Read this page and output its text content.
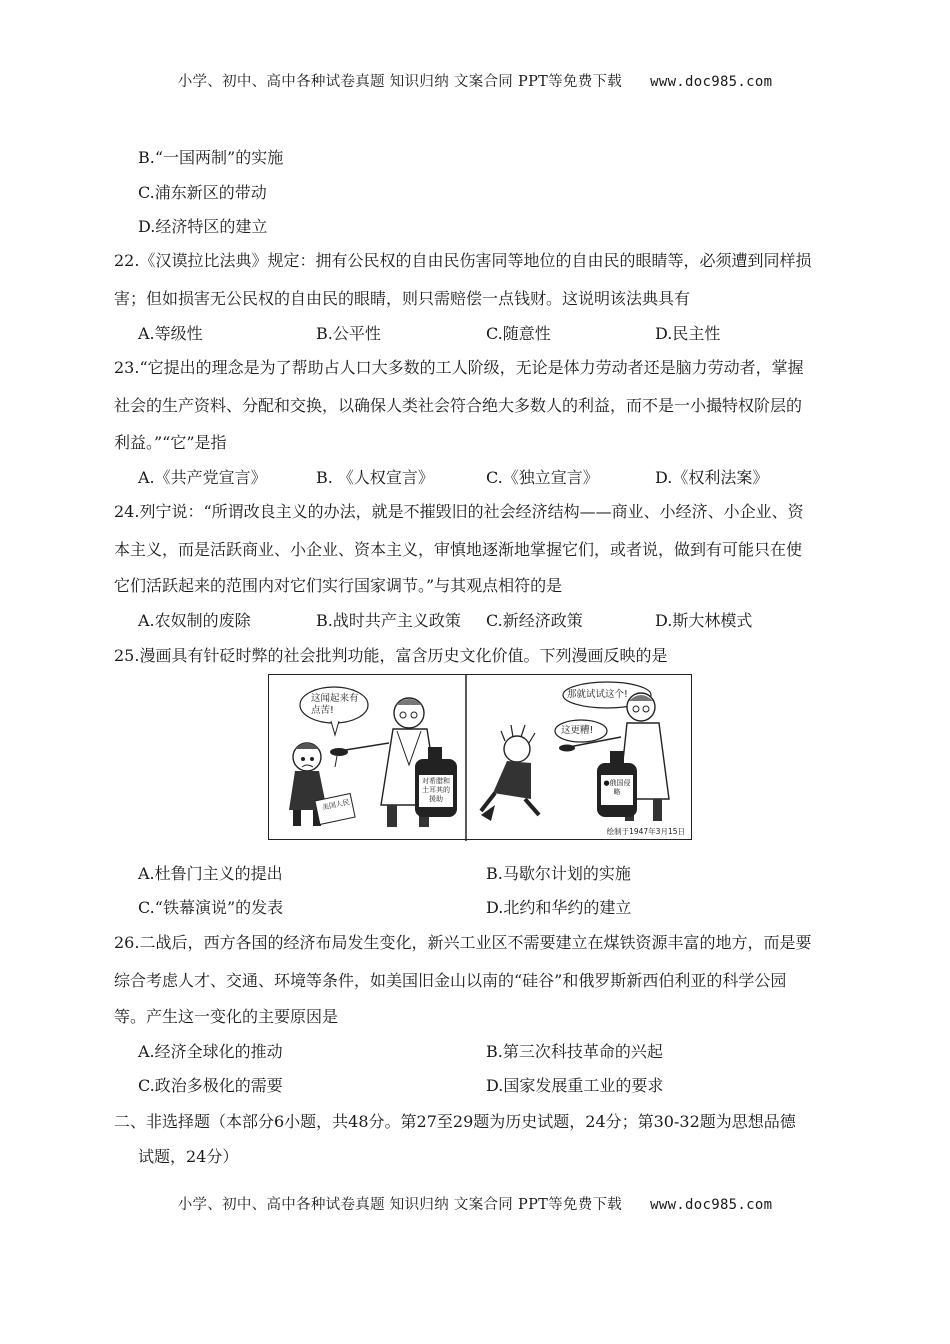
小学、初中、高中各种试卷真题 知识归纳 文案合同 PPT等免费下载 www.doc985.com
B.“一国两制”的实施
C.浦东新区的带动
D.经济特区的建立
22.《汉谟拉比法典》规定：拥有公民权的自由民伤害同等地位的自由民的眼睛等，必须遭到同样损
害；但如损害无公民权的自由民的眼睛，则只需赔偿一点钱财。这说明该法典具有
A.等级性	B.公平性	C.随意性	D.民主性
23.“它提出的理念是为了帮助占人口大多数的工人阶级，无论是体力劳动者还是脑力劳动者，掌握
社会的生产资料、分配和交换，以确保人类社会符合绝大多数人的利益，而不是一小撮特权阶层的
利益。”“它”是指
A.《共产党宣言》	B. 《人权宣言》	C.《独立宣言》	D.《权利法案》
24.列宁说：“所谓改良主义的办法，就是不摧毁旧的社会经济结构——商业、小经济、小企业、资
本主义，而是活跃商业、小企业、资本主义，审慎地逐渐地掌握它们，或者说，做到有可能只在使
它们活跃起来的范围内对它们实行国家调节。”与其观点相符的是
A.农奴制的废除	B.战时共产主义政策 C.新经济政策	D.斯大林模式
25.漫画具有针砭时弊的社会批判功能，富含历史文化价值。下列漫画反映的是
这闻起来有点苦!
对希腊和土耳其的援助
美国人民
那就试试这个!
这更糟!
●俄国侵略
绘制于1947年3月15日
A.杜鲁门主义的提出	B.马歇尔计划的实施
C.“铁幕演说”的发表	D.北约和华约的建立
26.二战后，西方各国的经济布局发生变化，新兴工业区不需要建立在煤铁资源丰富的地方，而是要
综合考虑人才、交通、环境等条件，如美国旧金山以南的“硅谷”和俄罗斯新西伯利亚的科学公园
等。产生这一变化的主要原因是
A.经济全球化的推动	B.第三次科技革命的兴起
C.政治多极化的需要	D.国家发展重工业的要求
二、非选择题（本部分6小题，共48分。第27至29题为历史试题，24分；第30-32题为思想品德
试题，24分）
小学、初中、高中各种试卷真题 知识归纳 文案合同 PPT等免费下载 www.doc985.com
